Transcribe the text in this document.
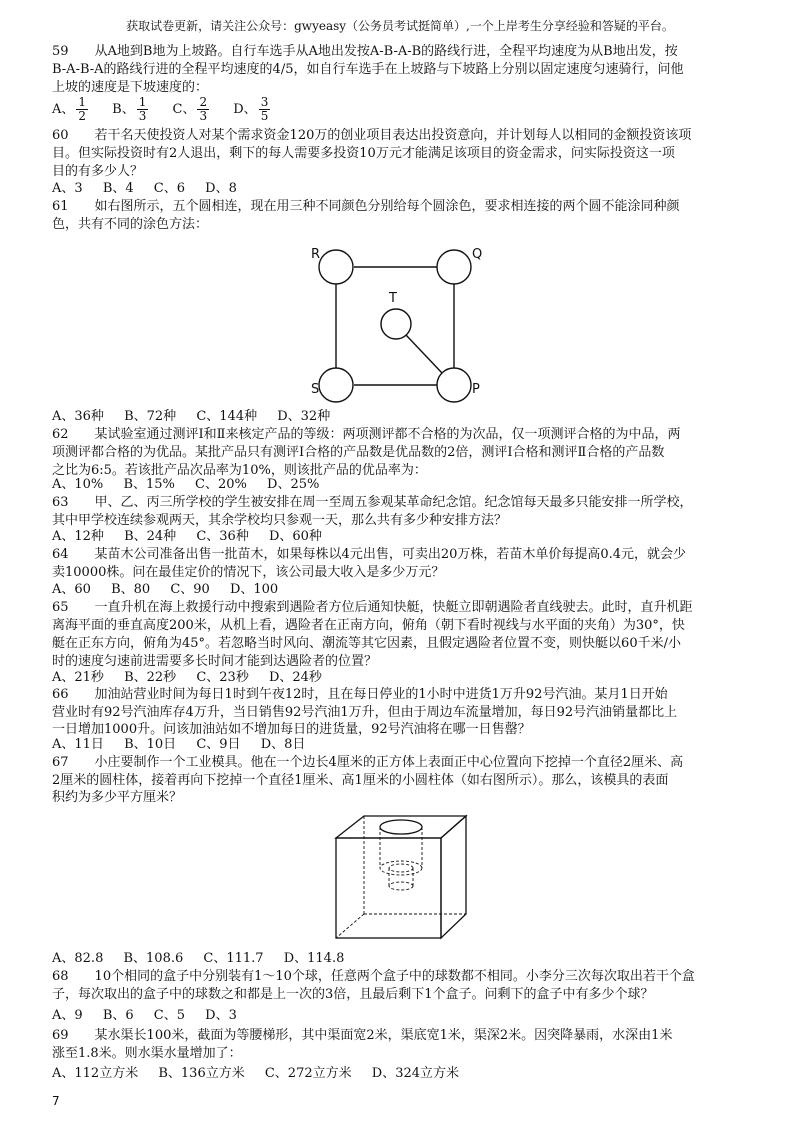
获取试卷更新，请关注公众号：gwyeasy（公务员考试挺简单）,一个上岸考生分享经验和答疑的平台。
59　　从A地到B地为上坡路。自行车选手从A地出发按A-B-A-B的路线行进，全程平均速度为从B地出发，按
B-A-B-A的路线行进的全程平均速度的4/5，如自行车选手在上坡路与下坡路上分别以固定速度匀速骑行，问他
上坡的速度是下坡速度的：
A、 $\frac{1}{2}$ B、 $\frac{1}{3}$ C、 $\frac{2}{3}$ D、 $\frac{3}{5}$
60　　若干名天使投资人对某个需求资金120万的创业项目表达出投资意向，并计划每人以相同的金额投资该项
目。但实际投资时有2人退出，剩下的每人需要多投资10万元才能满足该项目的资金需求，问实际投资这一项
目的有多少人？
A、3 B、4 C、6 D、8
61　　如右图所示，五个圆相连，现在用三种不同颜色分别给每个圆涂色，要求相连接的两个圆不能涂同种颜
色，共有不同的涂色方法：
R	Q
T
S	P
A、36种 B、72种 C、144种 D、32种
62　　某试验室通过测评Ⅰ和Ⅱ来核定产品的等级：两项测评都不合格的为次品，仅一项测评合格的为中品，两
项测评都合格的为优品。某批产品只有测评Ⅰ合格的产品数是优品数的2倍，测评Ⅰ合格和测评Ⅱ合格的产品数
之比为6:5。若该批产品次品率为10%，则该批产品的优品率为：
A、10% B、15% C、20% D、25%
63　　甲、乙、丙三所学校的学生被安排在周一至周五参观某革命纪念馆。纪念馆每天最多只能安排一所学校，
其中甲学校连续参观两天，其余学校均只参观一天，那么共有多少种安排方法？
A、12种 B、24种 C、36种 D、60种
64　　某苗木公司准备出售一批苗木，如果每株以4元出售，可卖出20万株，若苗木单价每提高0.4元，就会少
卖10000株。问在最佳定价的情况下，该公司最大收入是多少万元？
A、60 B、80 C、90 D、100
65　　一直升机在海上救援行动中搜索到遇险者方位后通知快艇，快艇立即朝遇险者直线驶去。此时，直升机距
离海平面的垂直高度200米，从机上看，遇险者在正南方向，俯角（朝下看时视线与水平面的夹角）为30°，快
艇在正东方向，俯角为45°。若忽略当时风向、潮流等其它因素，且假定遇险者位置不变，则快艇以60千米/小
时的速度匀速前进需要多长时间才能到达遇险者的位置？
A、21秒 B、22秒 C、23秒 D、24秒
66　　加油站营业时间为每日1时到午夜12时，且在每日停业的1小时中进货1万升92号汽油。某月1日开始
营业时有92号汽油库存4万升，当日销售92号汽油1万升，但由于周边车流量增加，每日92号汽油销量都比上
一日增加1000升。问该加油站如不增加每日的进货量，92号汽油将在哪一日售罄？
A、11日 B、10日 C、9日 D、8日
67　　小庄要制作一个工业模具。他在一个边长4厘米的正方体上表面正中心位置向下挖掉一个直径2厘米、高
2厘米的圆柱体，接着再向下挖掉一个直径1厘米、高1厘米的小圆柱体（如右图所示）。那么，该模具的表面
积约为多少平方厘米？
A、82.8 B、108.6 C、111.7 D、114.8
68　　10个相同的盒子中分别装有1～10个球，任意两个盒子中的球数都不相同。小李分三次每次取出若干个盒
子，每次取出的盒子中的球数之和都是上一次的3倍，且最后剩下1个盒子。问剩下的盒子中有多少个球？
A、9 B、6 C、5 D、3
69　　某水渠长100米，截面为等腰梯形，其中渠面宽2米，渠底宽1米，渠深2米。因突降暴雨，水深由1米
涨至1.8米。则水渠水量增加了：
A、112立方米 B、136立方米 C、272立方米 D、324立方米
7
